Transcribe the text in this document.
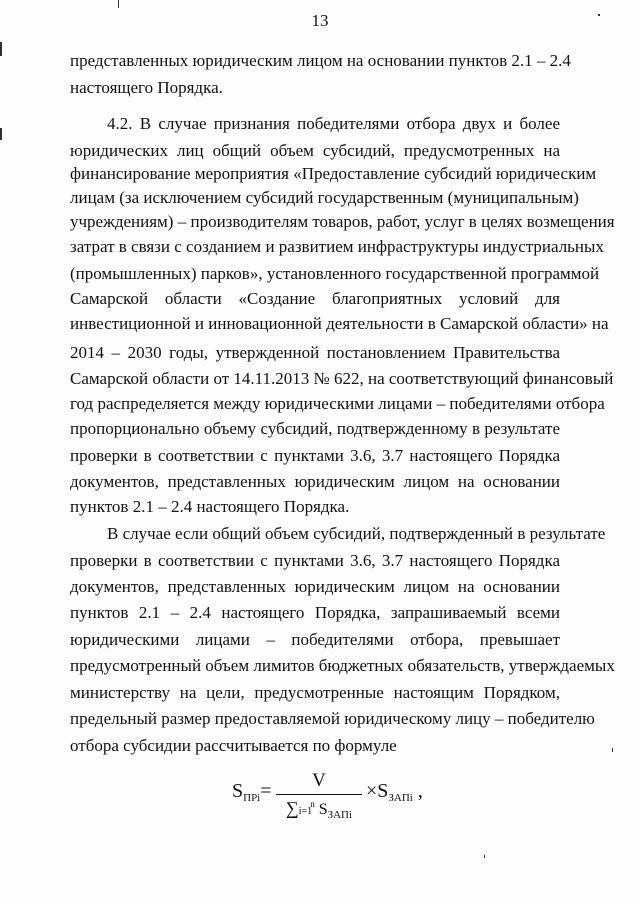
13
представленных юридическим лицом на основании пунктов 2.1 – 2.4
настоящего Порядка.
4.2. В случае признания победителями отбора двух и более
юридических лиц общий объем субсидий, предусмотренных на
финансирование мероприятия «Предоставление субсидий юридическим
лицам (за исключением субсидий государственным (муниципальным)
учреждениям) – производителям товаров, работ, услуг в целях возмещения
затрат в связи с созданием и развитием инфраструктуры индустриальных
(промышленных) парков», установленного государственной программой
Самарской области «Создание благоприятных условий для
инвестиционной и инновационной деятельности в Самарской области» на
2014 – 2030 годы, утвержденной постановлением Правительства
Самарской области от 14.11.2013 № 622, на соответствующий финансовый
год распределяется между юридическими лицами – победителями отбора
пропорционально объему субсидий, подтвержденному в результате
проверки в соответствии с пунктами 3.6, 3.7 настоящего Порядка
документов, представленных юридическим лицом на основании
пунктов 2.1 – 2.4 настоящего Порядка.
В случае если общий объем субсидий, подтвержденный в результате
проверки в соответствии с пунктами 3.6, 3.7 настоящего Порядка
документов, представленных юридическим лицом на основании
пунктов 2.1 – 2.4 настоящего Порядка, запрашиваемый всеми
юридическими лицами – победителями отбора, превышает
предусмотренный объем лимитов бюджетных обязательств, утверждаемых
министерству на цели, предусмотренные настоящим Порядком,
предельный размер предоставляемой юридическому лицу – победителю
отбора субсидии рассчитывается по формуле
$S_{ПРi}=$	V
$\sum i=1^n$ $S_{ЗАПi}$
$\times S_{ЗАПi}$ ,
